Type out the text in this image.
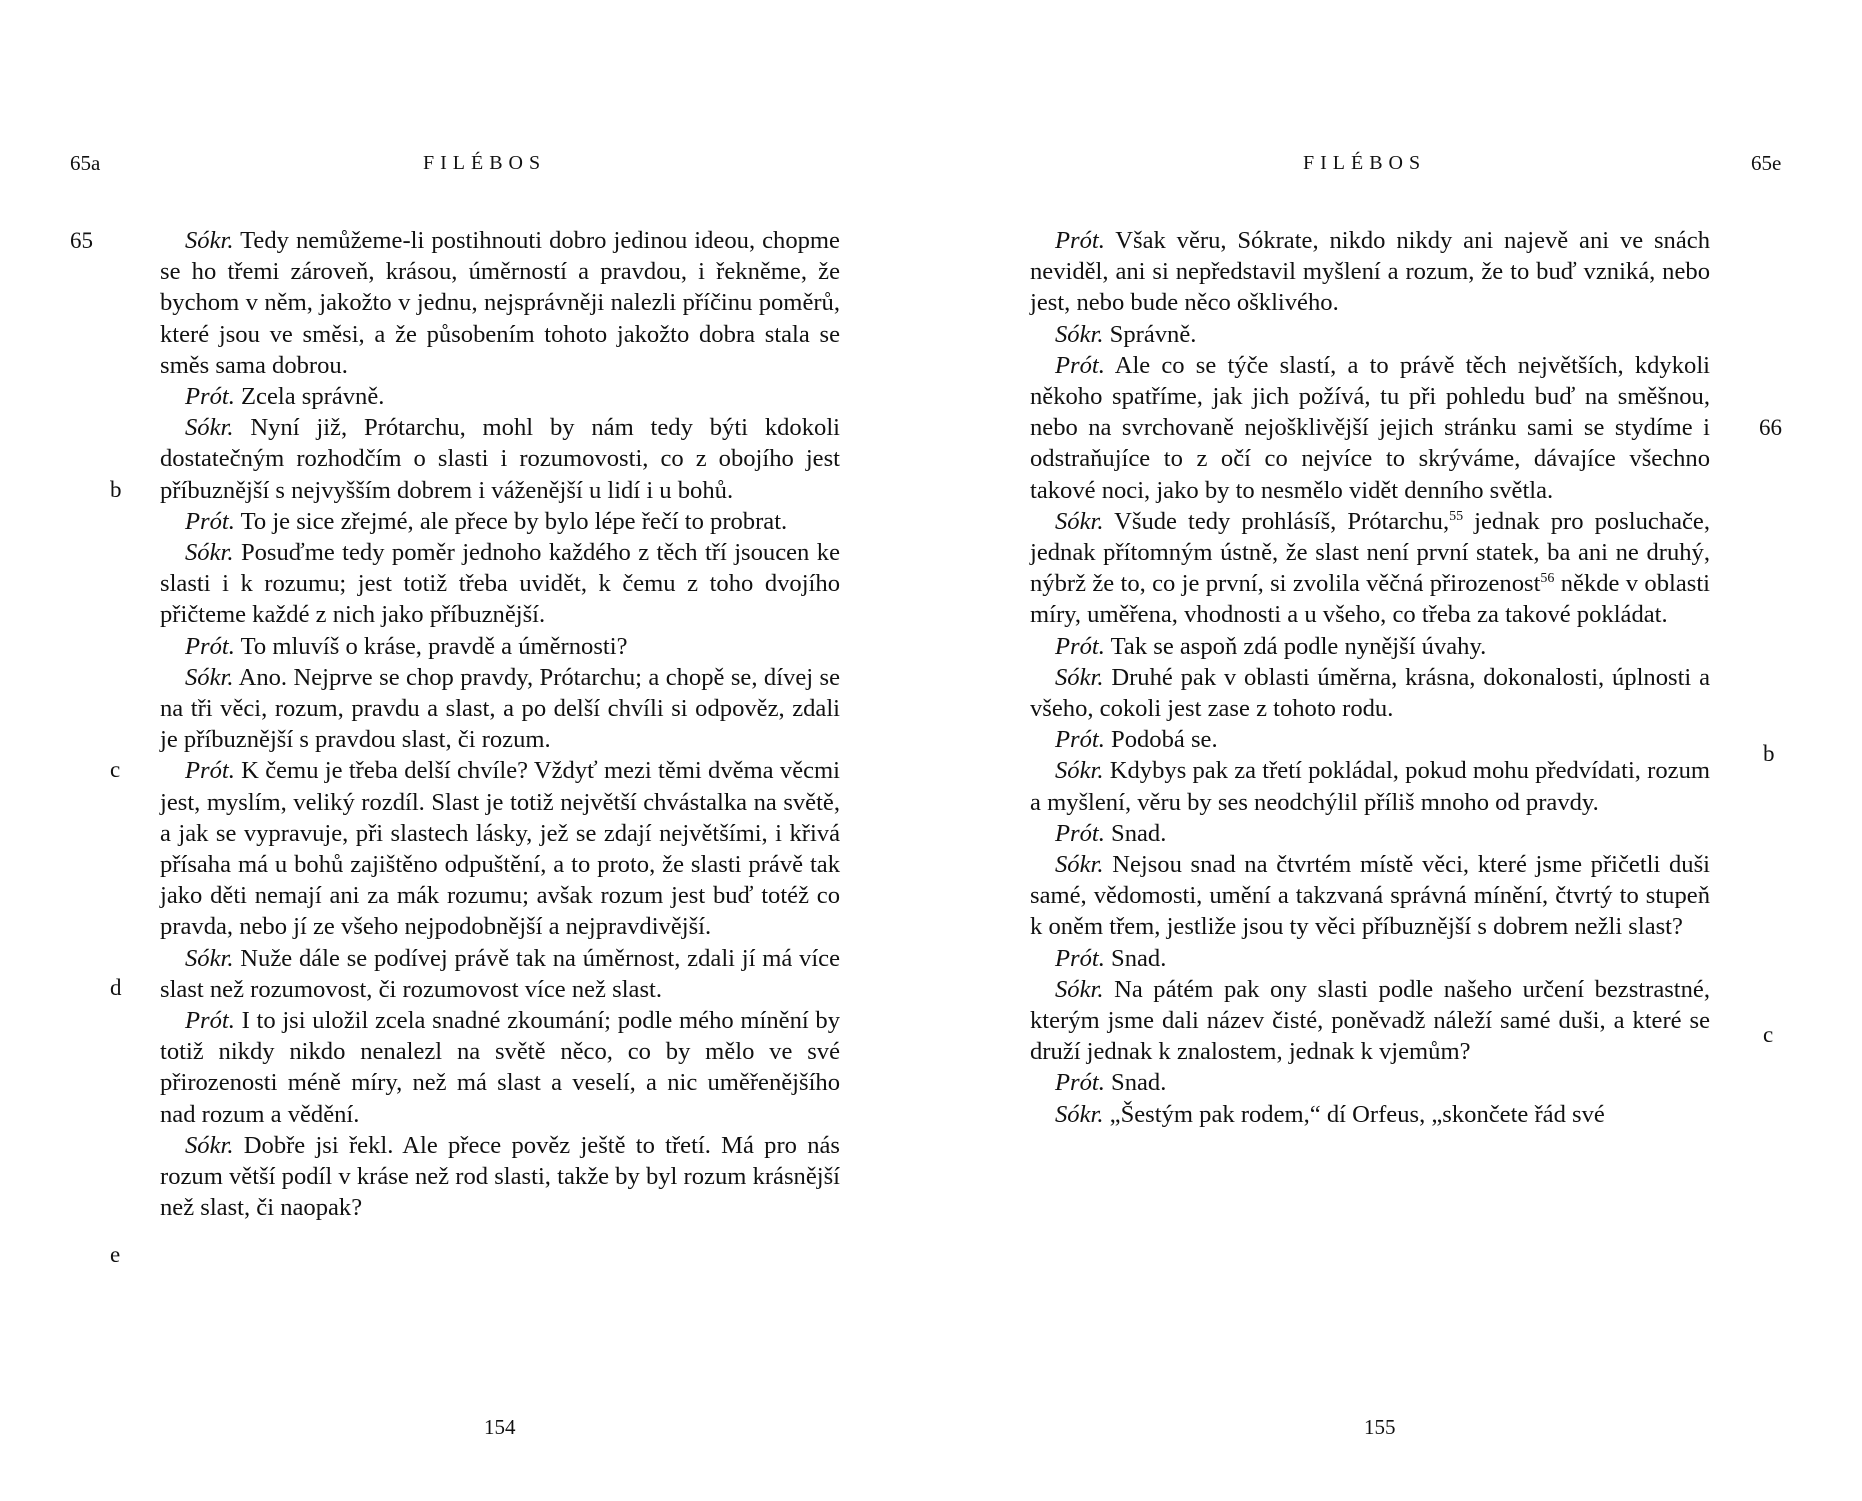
65a	FILÉBOS
65
b
c
d
e

Sókr. Tedy nemůžeme-li postihnouti dobro jedinou ideou, chopme se ho třemi zároveň, krásou, úměrností a pravdou, i řekněme, že bychom v něm, jakožto v jednu, nejsprávněji nalezli příčinu poměrů, které jsou ve směsi, a že působením tohoto jakožto dobra stala se směs sama dobrou.

Prót. Zcela správně.

Sókr. Nyní již, Prótarchu, mohl by nám tedy býti kdokoli dostatečným rozhodčím o slasti i rozumovosti, co z obojího jest příbuznější s nejvyšším dobrem i váženější u lidí i u bohů.

Prót. To je sice zřejmé, ale přece by bylo lépe řečí to probrat.

Sókr. Posuďme tedy poměr jednoho každého z těch tří jsoucen ke slasti i k rozumu; jest totiž třeba uvidět, k čemu z toho dvojího přičteme každé z nich jako příbuznější.

Prót. To mluvíš o kráse, pravdě a úměrnosti?

Sókr. Ano. Nejprve se chop pravdy, Prótarchu; a chopě se, dívej se na tři věci, rozum, pravdu a slast, a po delší chvíli si odpověz, zdali je příbuznější s pravdou slast, či rozum.

Prót. K čemu je třeba delší chvíle? Vždyť mezi těmi dvěma věcmi jest, myslím, veliký rozdíl. Slast je totiž největší chvástalka na světě, a jak se vypravuje, při slastech lásky, jež se zdají největšími, i křivá přísaha má u bohů zajištěno odpuštění, a to proto, že slasti právě tak jako děti nemají ani za mák rozumu; avšak rozum jest buď totéž co pravda, nebo jí ze všeho nejpodobnější a nejpravdivější.

Sókr. Nuže dále se podívej právě tak na úměrnost, zdali jí má více slast než rozumovost, či rozumovost více než slast.

Prót. I to jsi uložil zcela snadné zkoumání; podle mého mínění by totiž nikdy nikdo nenalezl na světě něco, co by mělo ve své přirozenosti méně míry, než má slast a veselí, a nic uměřenějšího nad rozum a vědění.

Sókr. Dobře jsi řekl. Ale přece pověz ještě to třetí. Má pro nás rozum větší podíl v kráse než rod slasti, takže by byl rozum krásnější než slast, či naopak?

154
FILÉBOS	65e
66
b
c

Prót. Však věru, Sókrate, nikdo nikdy ani najevě ani ve snách neviděl, ani si nepředstavil myšlení a rozum, že to buď vzniká, nebo jest, nebo bude něco ošklivého.

Sókr. Správně.

Prót. Ale co se týče slastí, a to právě těch největších, kdykoli někoho spatříme, jak jich požívá, tu při pohledu buď na směšnou, nebo na svrchovaně nejošklivější jejich stránku sami se stydíme i odstraňujíce to z očí co nejvíce to skrýváme, dávajíce všechno takové noci, jako by to nesmělo vidět denního světla.

Sókr. Všude tedy prohlásíš, Prótarchu,$^{55}$ jednak pro posluchače, jednak přítomným ústně, že slast není první statek, ba ani ne druhý, nýbrž že to, co je první, si zvolila věčná přirozenost$^{56}$ někde v oblasti míry, uměřena, vhodnosti a u všeho, co třeba za takové pokládat.

Prót. Tak se aspoň zdá podle nynější úvahy.

Sókr. Druhé pak v oblasti úměrna, krásna, dokonalosti, úplnosti a všeho, cokoli jest zase z tohoto rodu.

Prót. Podobá se.

Sókr. Kdybys pak za třetí pokládal, pokud mohu předvídati, rozum a myšlení, věru by ses neodchýlil příliš mnoho od pravdy.

Prót. Snad.

Sókr. Nejsou snad na čtvrtém místě věci, které jsme přičetli duši samé, vědomosti, umění a takzvaná správná mínění, čtvrtý to stupeň k oněm třem, jestliže jsou ty věci příbuznější s dobrem nežli slast?

Prót. Snad.

Sókr. Na pátém pak ony slasti podle našeho určení bezstrastné, kterým jsme dali název čisté, poněvadž náleží samé duši, a které se druží jednak k znalostem, jednak k vjemům?

Prót. Snad.

Sókr. „Šestým pak rodem,“ dí Orfeus, „skončete řád své

155
